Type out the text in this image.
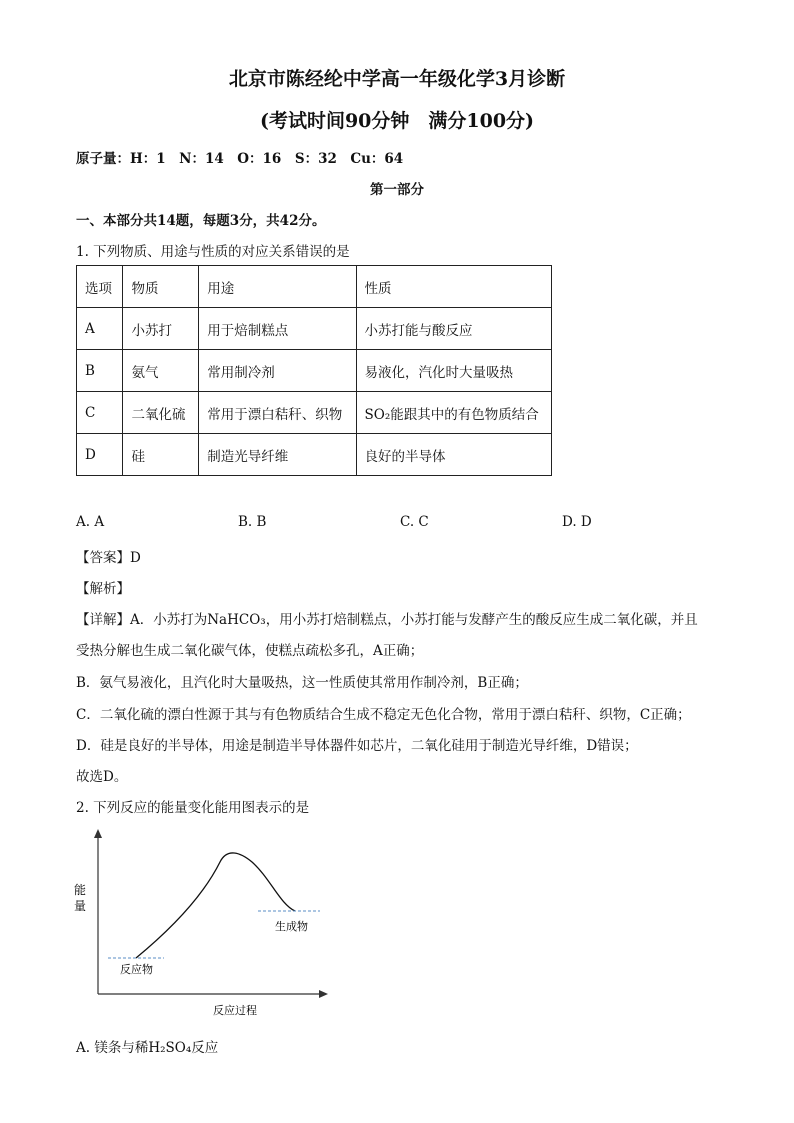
北京市陈经纶中学高一年级化学3月诊断
(考试时间90分钟　满分100分)
原子量：H：1　N：14　O：16　S：32　Cu：64
第一部分
一、本部分共14题，每题3分，共42分。
1. 下列物质、用途与性质的对应关系错误的是
选项	物质	用途	性质
A	小苏打	用于焙制糕点	小苏打能与酸反应
B	氨气	常用制冷剂	易液化，汽化时大量吸热
C	二氧化硫	常用于漂白秸秆、织物	SO₂能跟其中的有色物质结合
D	硅	制造光导纤维	良好的半导体
A. A	B. B	C. C	D. D
【答案】D
【解析】
【详解】A．小苏打为NaHCO₃，用小苏打焙制糕点，小苏打能与发酵产生的酸反应生成二氧化碳，并且
受热分解也生成二氧化碳气体，使糕点疏松多孔，A正确；
B．氨气易液化，且汽化时大量吸热，这一性质使其常用作制冷剂，B正确；
C．二氧化硫的漂白性源于其与有色物质结合生成不稳定无色化合物，常用于漂白秸秆、织物，C正确；
D．硅是良好的半导体，用途是制造半导体器件如芯片，二氧化硅用于制造光导纤维，D错误；
故选D。
2. 下列反应的能量变化能用图表示的是
能
量
反应物
生成物
反应过程
A. 镁条与稀H₂SO₄反应
